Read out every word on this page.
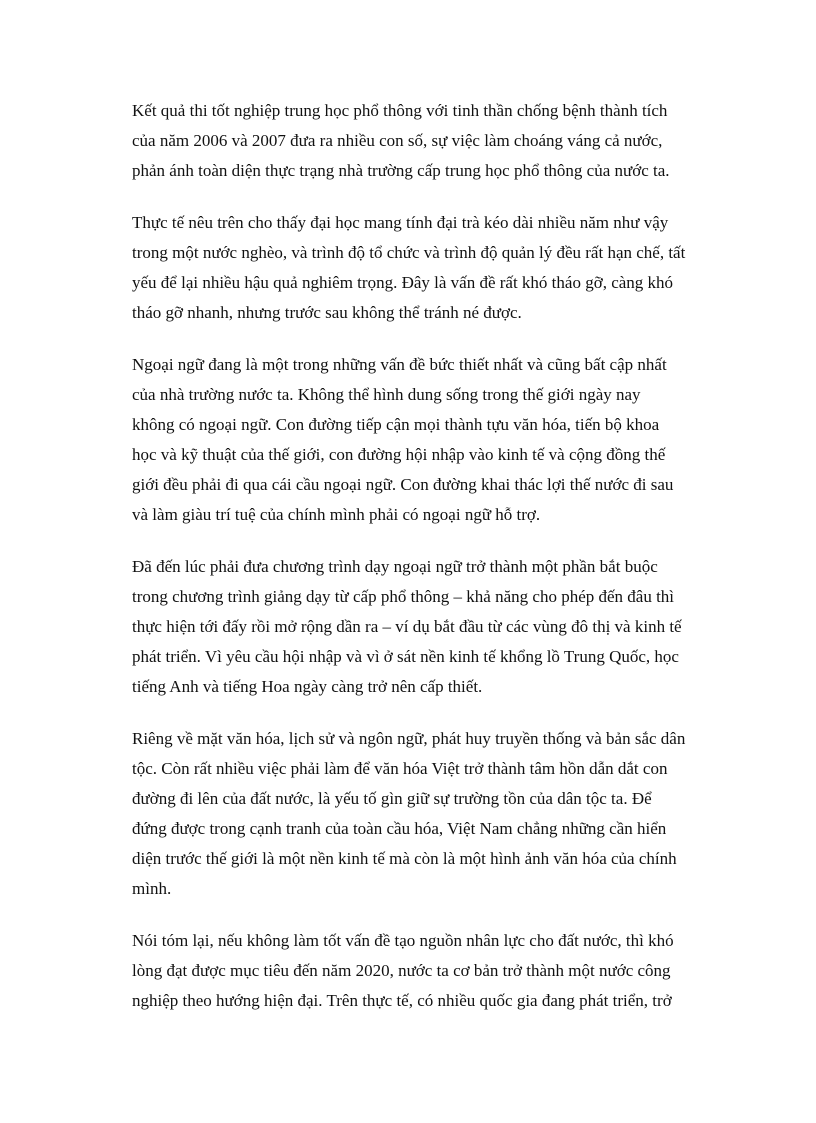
Kết quả thi tốt nghiệp trung học phổ thông với tinh thần chống bệnh thành tích
của năm 2006 và 2007 đưa ra nhiều con số, sự việc làm choáng váng cả nước,
phản ánh toàn diện thực trạng nhà trường cấp trung học phổ thông của nước ta.

Thực tế nêu trên cho thấy đại học mang tính đại trà kéo dài nhiều năm như vậy
trong một nước nghèo, và trình độ tổ chức và trình độ quản lý đều rất hạn chế, tất
yếu để lại nhiều hậu quả nghiêm trọng. Đây là vấn đề rất khó tháo gỡ, càng khó
tháo gỡ nhanh, nhưng trước sau không thể tránh né được.

Ngoại ngữ đang là một trong những vấn đề bức thiết nhất và cũng bất cập nhất
của nhà trường nước ta. Không thể hình dung sống trong thế giới ngày nay
không có ngoại ngữ. Con đường tiếp cận mọi thành tựu văn hóa, tiến bộ khoa
học và kỹ thuật của thế giới, con đường hội nhập vào kinh tế và cộng đồng thế
giới đều phải đi qua cái cầu ngoại ngữ. Con đường khai thác lợi thế nước đi sau
và làm giàu trí tuệ của chính mình phải có ngoại ngữ hỗ trợ.

Đã đến lúc phải đưa chương trình dạy ngoại ngữ trở thành một phần bắt buộc
trong chương trình giảng dạy từ cấp phổ thông – khả năng cho phép đến đâu thì
thực hiện tới đấy rồi mở rộng dần ra – ví dụ bắt đầu từ các vùng đô thị và kinh tế
phát triển. Vì yêu cầu hội nhập và vì ở sát nền kinh tế khổng lồ Trung Quốc, học
tiếng Anh và tiếng Hoa ngày càng trở nên cấp thiết.

Riêng về mặt văn hóa, lịch sử và ngôn ngữ, phát huy truyền thống và bản sắc dân
tộc. Còn rất nhiều việc phải làm để văn hóa Việt trở thành tâm hồn dẫn dắt con
đường đi lên của đất nước, là yếu tố gìn giữ sự trường tồn của dân tộc ta. Để
đứng được trong cạnh tranh của toàn cầu hóa, Việt Nam chẳng những cần hiển
diện trước thế giới là một nền kinh tế mà còn là một hình ảnh văn hóa của chính
mình.

Nói tóm lại, nếu không làm tốt vấn đề tạo nguồn nhân lực cho đất nước, thì khó
lòng đạt được mục tiêu đến năm 2020, nước ta cơ bản trở thành một nước công
nghiệp theo hướng hiện đại. Trên thực tế, có nhiều quốc gia đang phát triển, trở
